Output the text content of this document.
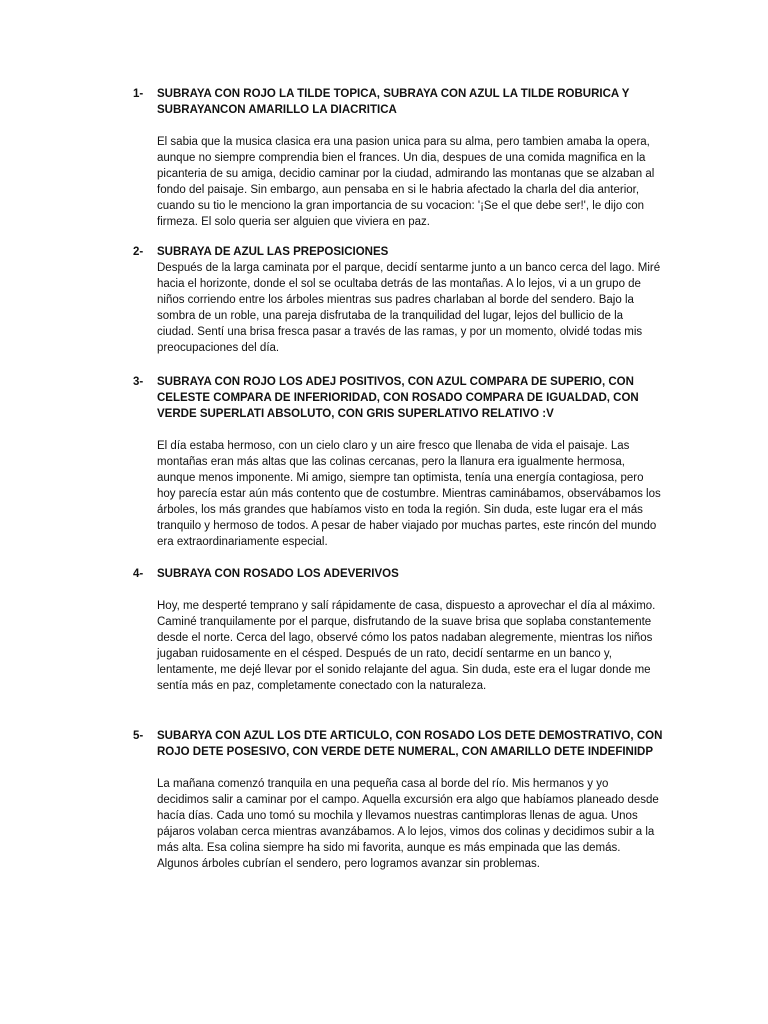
1- SUBRAYA CON ROJO LA TILDE TOPICA, SUBRAYA CON AZUL LA TILDE ROBURICA Y SUBRAYANCON AMARILLO LA DIACRITICA

El sabia que la musica clasica era una pasion unica para su alma, pero tambien amaba la opera, aunque no siempre comprendia bien el frances. Un dia, despues de una comida magnifica en la picanteria de su amiga, decidio caminar por la ciudad, admirando las montanas que se alzaban al fondo del paisaje. Sin embargo, aun pensaba en si le habria afectado la charla del dia anterior, cuando su tio le menciono la gran importancia de su vocacion: '¡Se el que debe ser!', le dijo con firmeza. El solo queria ser alguien que viviera en paz.

2- SUBRAYA DE AZUL LAS PREPOSICIONES

Después de la larga caminata por el parque, decidí sentarme junto a un banco cerca del lago. Miré hacia el horizonte, donde el sol se ocultaba detrás de las montañas. A lo lejos, vi a un grupo de niños corriendo entre los árboles mientras sus padres charlaban al borde del sendero. Bajo la sombra de un roble, una pareja disfrutaba de la tranquilidad del lugar, lejos del bullicio de la ciudad. Sentí una brisa fresca pasar a través de las ramas, y por un momento, olvidé todas mis preocupaciones del día.

3- SUBRAYA CON ROJO LOS ADEJ POSITIVOS, CON AZUL COMPARA DE SUPERIO, CON CELESTE COMPARA DE INFERIORIDAD, CON ROSADO COMPARA DE IGUALDAD, CON VERDE SUPERLATI ABSOLUTO, CON GRIS SUPERLATIVO RELATIVO :V

El día estaba hermoso, con un cielo claro y un aire fresco que llenaba de vida el paisaje. Las montañas eran más altas que las colinas cercanas, pero la llanura era igualmente hermosa, aunque menos imponente. Mi amigo, siempre tan optimista, tenía una energía contagiosa, pero hoy parecía estar aún más contento que de costumbre. Mientras caminábamos, observábamos los árboles, los más grandes que habíamos visto en toda la región. Sin duda, este lugar era el más tranquilo y hermoso de todos. A pesar de haber viajado por muchas partes, este rincón del mundo era extraordinariamente especial.

4- SUBRAYA CON ROSADO LOS ADEVERIVOS

Hoy, me desperté temprano y salí rápidamente de casa, dispuesto a aprovechar el día al máximo. Caminé tranquilamente por el parque, disfrutando de la suave brisa que soplaba constantemente desde el norte. Cerca del lago, observé cómo los patos nadaban alegremente, mientras los niños jugaban ruidosamente en el césped. Después de un rato, decidí sentarme en un banco y, lentamente, me dejé llevar por el sonido relajante del agua. Sin duda, este era el lugar donde me sentía más en paz, completamente conectado con la naturaleza.

5- SUBARYA CON AZUL LOS DTE ARTICULO, CON ROSADO LOS DETE DEMOSTRATIVO, CON ROJO DETE POSESIVO, CON VERDE DETE NUMERAL, CON AMARILLO DETE INDEFINIDP

La mañana comenzó tranquila en una pequeña casa al borde del río. Mis hermanos y yo decidimos salir a caminar por el campo. Aquella excursión era algo que habíamos planeado desde hacía días. Cada uno tomó su mochila y llevamos nuestras cantimploras llenas de agua. Unos pájaros volaban cerca mientras avanzábamos. A lo lejos, vimos dos colinas y decidimos subir a la más alta. Esa colina siempre ha sido mi favorita, aunque es más empinada que las demás. Algunos árboles cubrían el sendero, pero logramos avanzar sin problemas.
